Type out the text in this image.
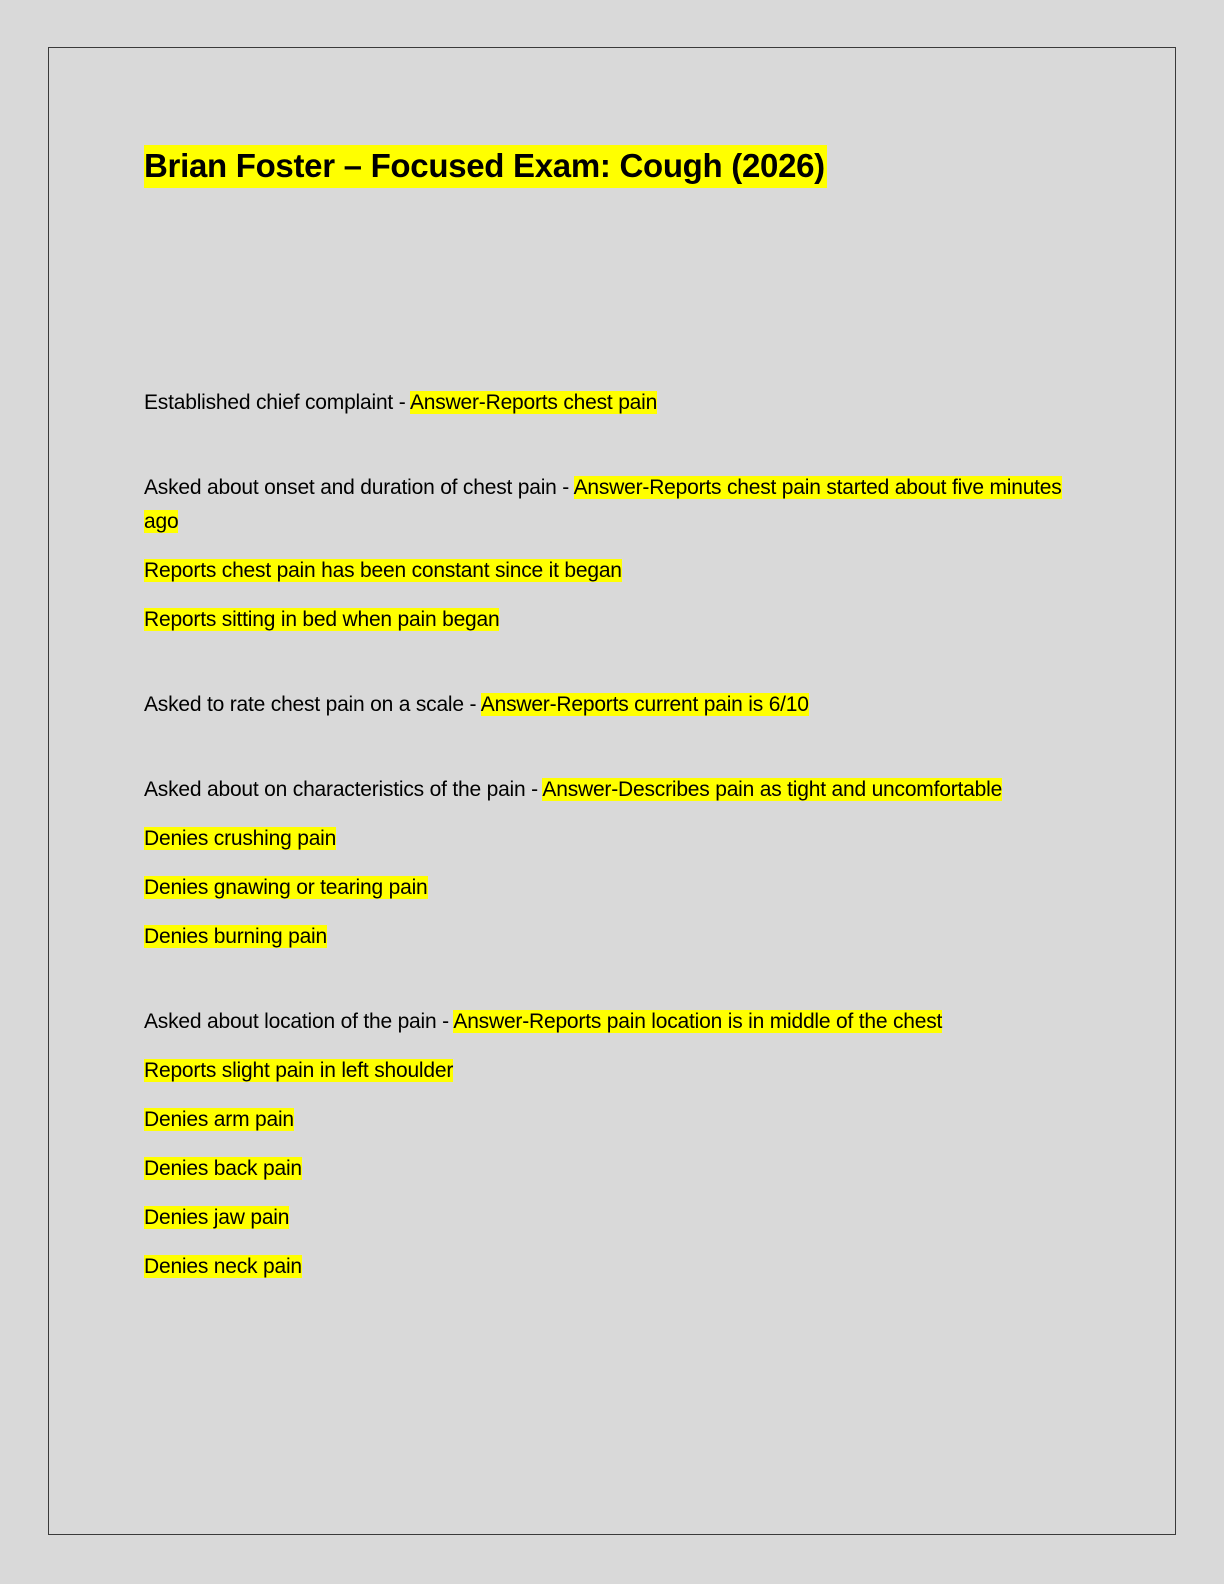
Brian Foster – Focused Exam: Cough (2026)

Established chief complaint - Answer-Reports chest pain

Asked about onset and duration of chest pain - Answer-Reports chest pain started about five minutes ago

Reports chest pain has been constant since it began

Reports sitting in bed when pain began

Asked to rate chest pain on a scale - Answer-Reports current pain is 6/10

Asked about on characteristics of the pain - Answer-Describes pain as tight and uncomfortable

Denies crushing pain

Denies gnawing or tearing pain

Denies burning pain

Asked about location of the pain - Answer-Reports pain location is in middle of the chest

Reports slight pain in left shoulder

Denies arm pain

Denies back pain

Denies jaw pain

Denies neck pain
